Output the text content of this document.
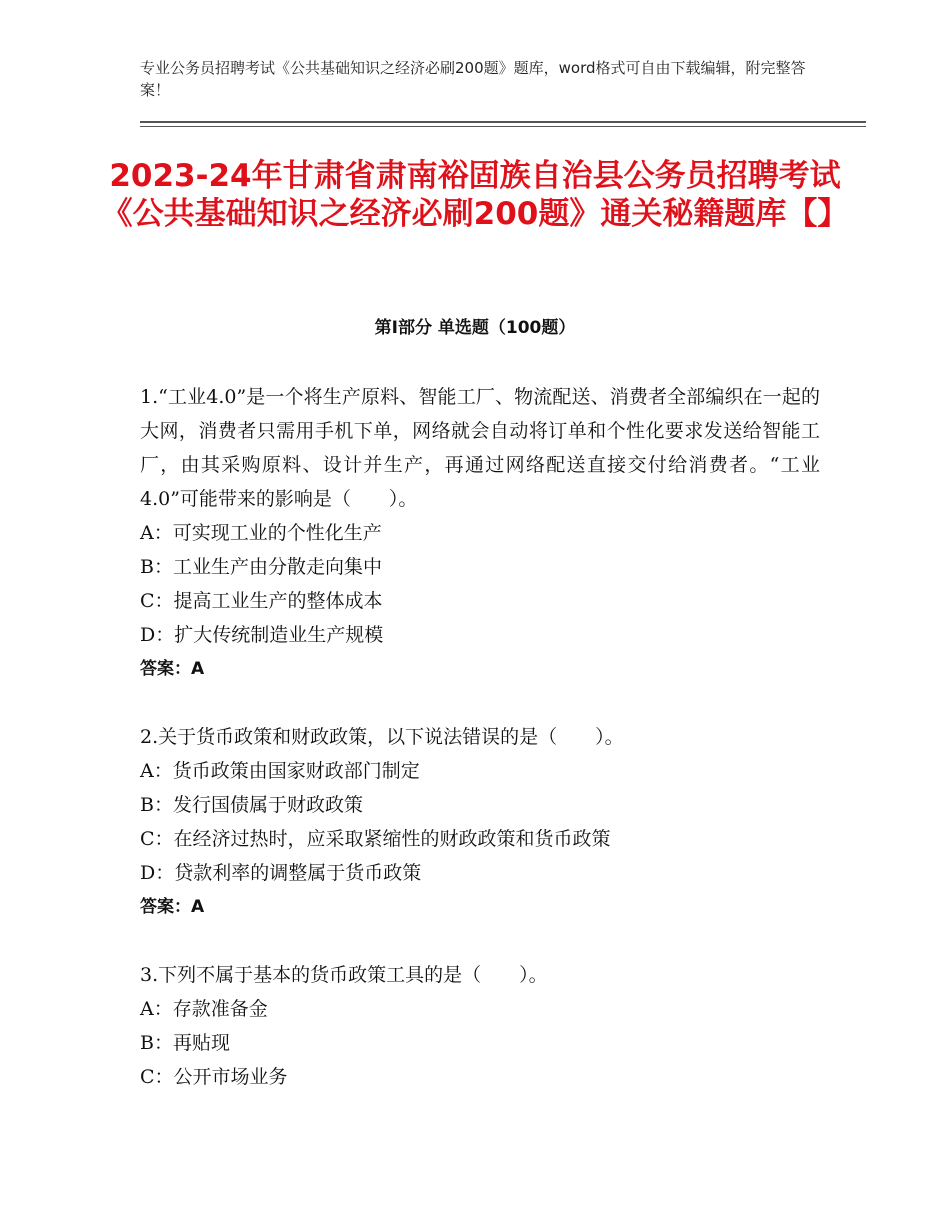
专业公务员招聘考试《公共基础知识之经济必刷200题》题库，word格式可自由下载编辑，附完整答案！
2023-24年甘肃省肃南裕固族自治县公务员招聘考试《公共基础知识之经济必刷200题》通关秘籍题库【】
第Ⅰ部分 单选题（100题）
1.“工业4.0”是一个将生产原料、智能工厂、物流配送、消费者全部编织在一起的大网，消费者只需用手机下单，网络就会自动将订单和个性化要求发送给智能工厂，由其采购原料、设计并生产，再通过网络配送直接交付给消费者。“工业4.0”可能带来的影响是（　　）。
A：可实现工业的个性化生产
B：工业生产由分散走向集中
C：提高工业生产的整体成本
D：扩大传统制造业生产规模
答案：A
2.关于货币政策和财政政策，以下说法错误的是（　　）。
A：货币政策由国家财政部门制定
B：发行国债属于财政政策
C：在经济过热时，应采取紧缩性的财政政策和货币政策
D：贷款利率的调整属于货币政策
答案：A
3.下列不属于基本的货币政策工具的是（　　）。
A：存款准备金
B：再贴现
C：公开市场业务
